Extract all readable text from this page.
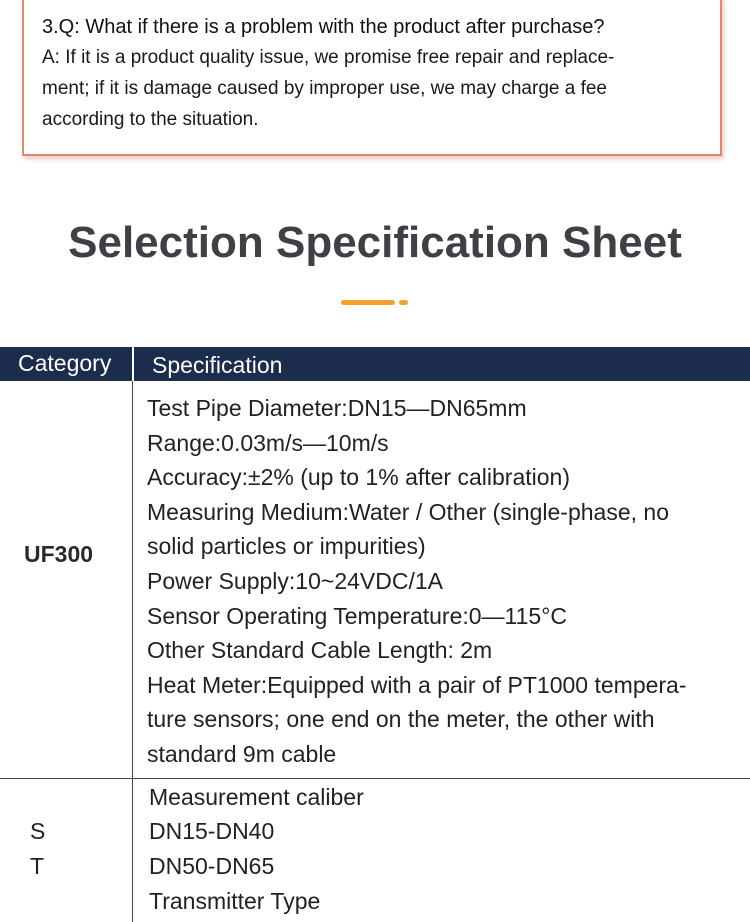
3.Q: What if there is a problem with the product after purchase?
A: If it is a product quality issue, we promise free repair and replace-
ment; if it is damage caused by improper use, we may charge a fee
according to the situation.
Selection Specification Sheet
Category Specification
UF300
Test Pipe Diameter:DN15—DN65mm
Range:0.03m/s—10m/s
Accuracy:±2% (up to 1% after calibration)
Measuring Medium:Water / Other (single-phase, no
solid particles or impurities)
Power Supply:10~24VDC/1A
Sensor Operating Temperature:0—115°C
Other Standard Cable Length: 2m
Heat Meter:Equipped with a pair of PT1000 tempera-
ture sensors; one end on the meter, the other with
standard 9m cable
Measurement caliber
S	DN15-DN40
T	DN50-DN65
Transmitter Type
